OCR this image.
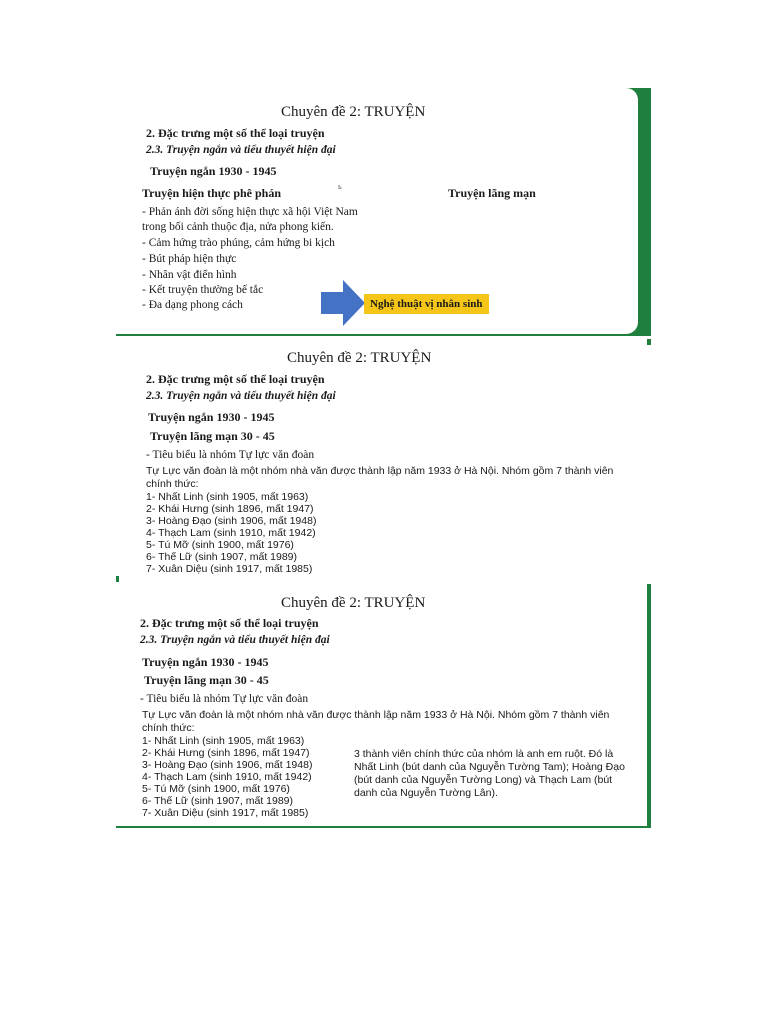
Chuyên đề 2: TRUYỆN
2. Đặc trưng một số thể loại truyện
2.3. Truyện ngắn và tiểu thuyết hiện đại
Truyện ngắn 1930 - 1945
Truyện hiện thực phê phán	Truyện lãng mạn
ь
- Phản ánh đời sống hiện thực xã hội Việt Nam
trong bối cảnh thuộc địa, nửa phong kiến.
- Cảm hứng trào phúng, cảm hứng bi kịch
- Bút pháp hiện thực
- Nhân vật điển hình
- Kết truyện thường bế tắc
- Đa dạng phong cách	Nghệ thuật vị nhân sinh
Chuyên đề 2: TRUYỆN
2. Đặc trưng một số thể loại truyện
2.3. Truyện ngắn và tiểu thuyết hiện đại
Truyện ngắn 1930 - 1945
Truyện lãng mạn 30 - 45
- Tiêu biểu là nhóm Tự lực văn đoàn
Tự Lực văn đoàn là một nhóm nhà văn được thành lập năm 1933 ở Hà Nội. Nhóm gồm 7 thành viên
chính thức:
1- Nhất Linh (sinh 1905, mất 1963)
2- Khái Hưng (sinh 1896, mất 1947)
3- Hoàng Đạo (sinh 1906, mất 1948)
4- Thạch Lam (sinh 1910, mất 1942)
5- Tú Mỡ (sinh 1900, mất 1976)
6- Thế Lữ (sinh 1907, mất 1989)
7- Xuân Diệu (sinh 1917, mất 1985)
Chuyên đề 2: TRUYỆN
2. Đặc trưng một số thể loại truyện
2.3. Truyện ngắn và tiểu thuyết hiện đại
Truyện ngắn 1930 - 1945
Truyện lãng mạn 30 - 45
- Tiêu biểu là nhóm Tự lực văn đoàn
Tự Lực văn đoàn là một nhóm nhà văn được thành lập năm 1933 ở Hà Nội. Nhóm gồm 7 thành viên
chính thức:
1- Nhất Linh (sinh 1905, mất 1963)
2- Khái Hưng (sinh 1896, mất 1947)
3- Hoàng Đạo (sinh 1906, mất 1948)
4- Thạch Lam (sinh 1910, mất 1942)
5- Tú Mỡ (sinh 1900, mất 1976)
6- Thế Lữ (sinh 1907, mất 1989)
7- Xuân Diệu (sinh 1917, mất 1985)
3 thành viên chính thức của nhóm là anh em ruột. Đó là Nhất Linh (bút danh của Nguyễn Tường Tam); Hoàng Đạo (bút danh của Nguyễn Tường Long) và Thạch Lam (bút danh của Nguyễn Tường Lân).
